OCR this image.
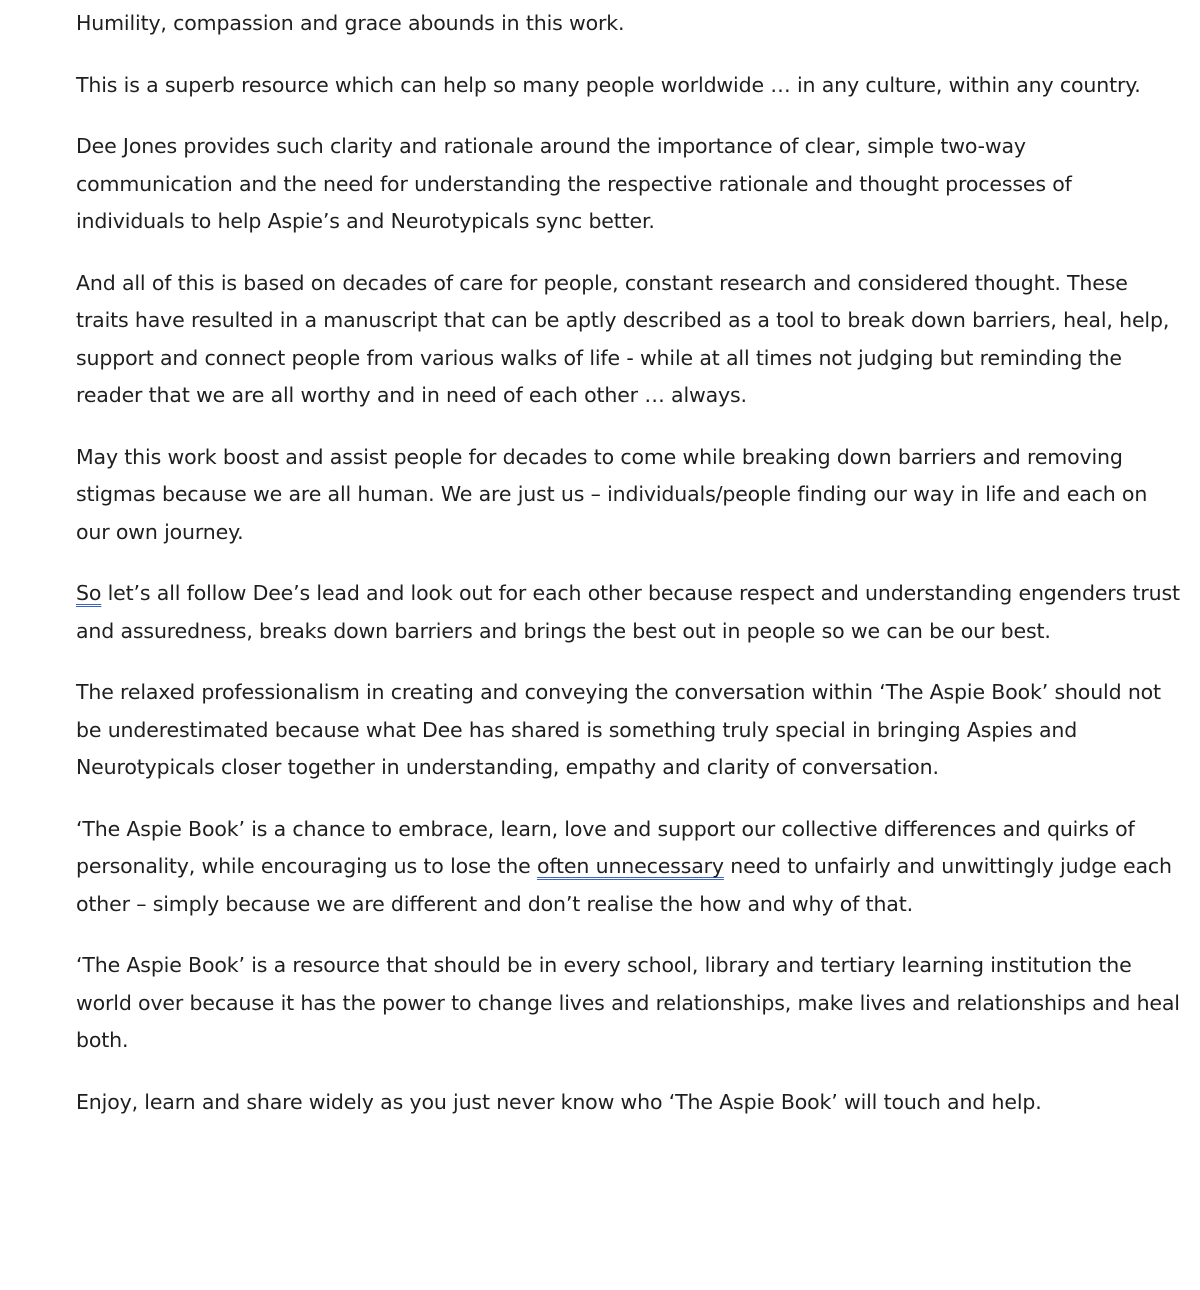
Humility, compassion and grace abounds in this work.

This is a superb resource which can help so many people worldwide … in any culture, within any country.

Dee Jones provides such clarity and rationale around the importance of clear, simple two-way communication and the need for understanding the respective rationale and thought processes of individuals to help Aspie’s and Neurotypicals sync better.

And all of this is based on decades of care for people, constant research and considered thought. These traits have resulted in a manuscript that can be aptly described as a tool to break down barriers, heal, help, support and connect people from various walks of life - while at all times not judging but reminding the reader that we are all worthy and in need of each other … always.

May this work boost and assist people for decades to come while breaking down barriers and removing stigmas because we are all human. We are just us – individuals/people finding our way in life and each on our own journey.

So let’s all follow Dee’s lead and look out for each other because respect and understanding engenders trust and assuredness, breaks down barriers and brings the best out in people so we can be our best.

The relaxed professionalism in creating and conveying the conversation within ‘The Aspie Book’ should not be underestimated because what Dee has shared is something truly special in bringing Aspies and Neurotypicals closer together in understanding, empathy and clarity of conversation.

‘The Aspie Book’ is a chance to embrace, learn, love and support our collective differences and quirks of personality, while encouraging us to lose the often unnecessary need to unfairly and unwittingly judge each other – simply because we are different and don’t realise the how and why of that.

‘The Aspie Book’ is a resource that should be in every school, library and tertiary learning institution the world over because it has the power to change lives and relationships, make lives and relationships and heal both.

Enjoy, learn and share widely as you just never know who ‘The Aspie Book’ will touch and help.
